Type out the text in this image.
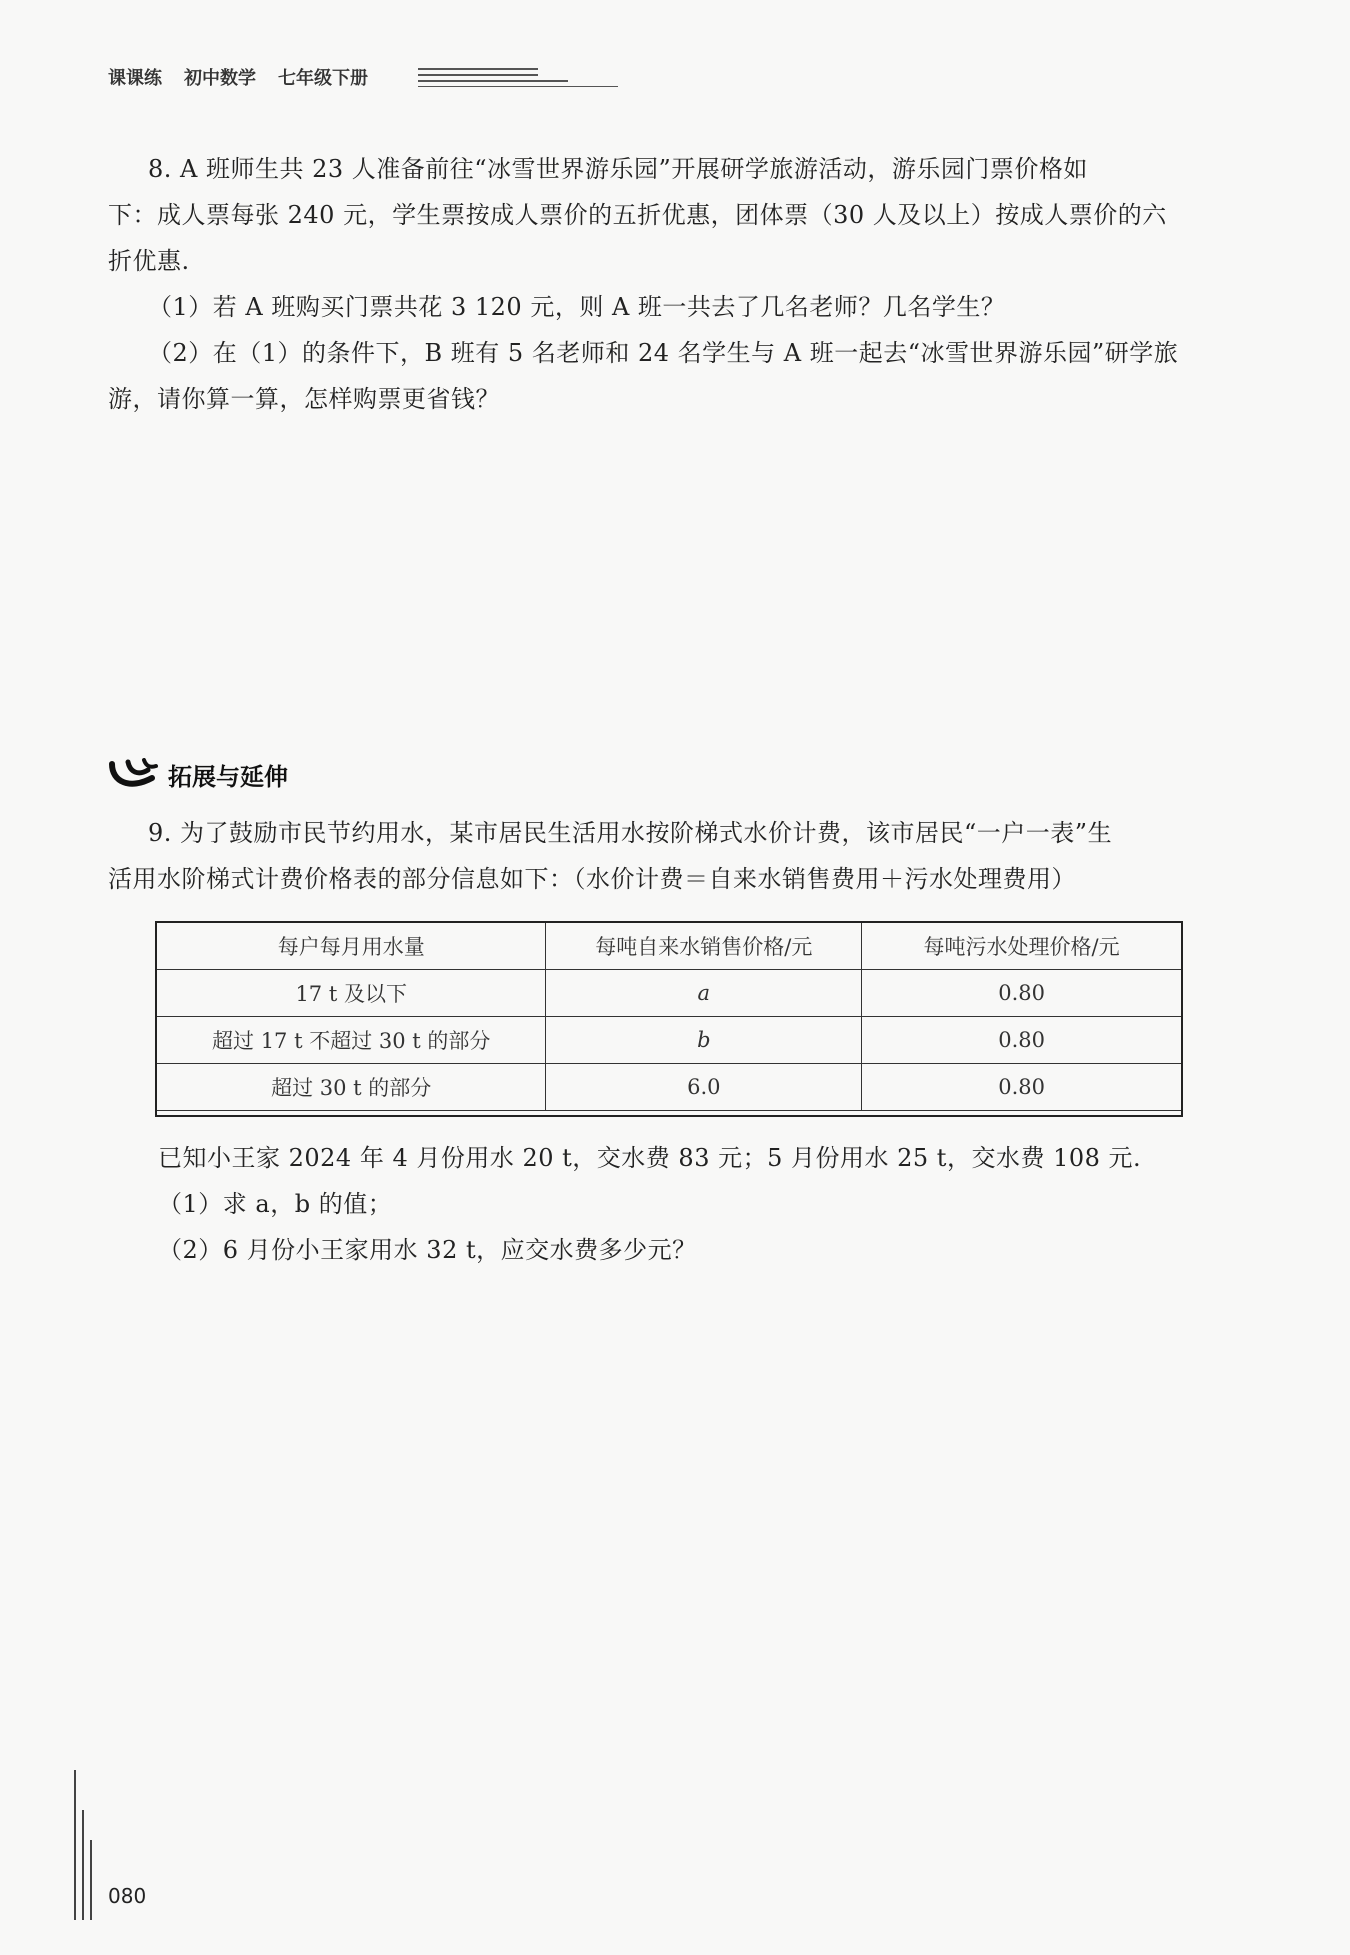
课课练 初中数学 七年级下册
8. A 班师生共 23 人准备前往“冰雪世界游乐园”开展研学旅游活动，游乐园门票价格如
下：成人票每张 240 元，学生票按成人票价的五折优惠，团体票（30 人及以上）按成人票价的六
折优惠.
（1）若 A 班购买门票共花 3 120 元，则 A 班一共去了几名老师？几名学生？
（2）在（1）的条件下，B 班有 5 名老师和 24 名学生与 A 班一起去“冰雪世界游乐园”研学旅
游，请你算一算，怎样购票更省钱？
拓展与延伸
9. 为了鼓励市民节约用水，某市居民生活用水按阶梯式水价计费，该市居民“一户一表”生
活用水阶梯式计费价格表的部分信息如下：（水价计费＝自来水销售费用＋污水处理费用）
每户每月用水量	每吨自来水销售价格/元	每吨污水处理价格/元
17 t 及以下	a	0.80
超过 17 t 不超过 30 t 的部分	b	0.80
超过 30 t 的部分	6.0	0.80
已知小王家 2024 年 4 月份用水 20 t，交水费 83 元；5 月份用水 25 t，交水费 108 元.
（1）求 a，b 的值；
（2）6 月份小王家用水 32 t，应交水费多少元？
080
